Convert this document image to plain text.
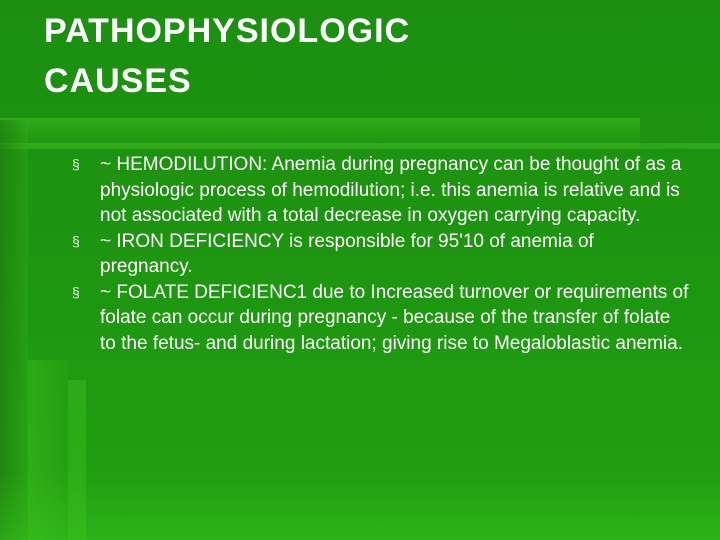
PATHOPHYSIOLOGIC
CAUSES
§ ~ HEMODILUTION: Anemia during pregnancy can be thought of as a physiologic process of hemodilution; i.e. this anemia is relative and is not associated with a total decrease in oxygen carrying capacity.
§ ~ IRON DEFICIENCY is responsible for 95'10 of anemia of pregnancy.
§ ~ FOLATE DEFICIENC1 due to Increased turnover or requirements of folate can occur during pregnancy - because of the transfer of folate to the fetus- and during lactation; giving rise to Megaloblastic anemia.
